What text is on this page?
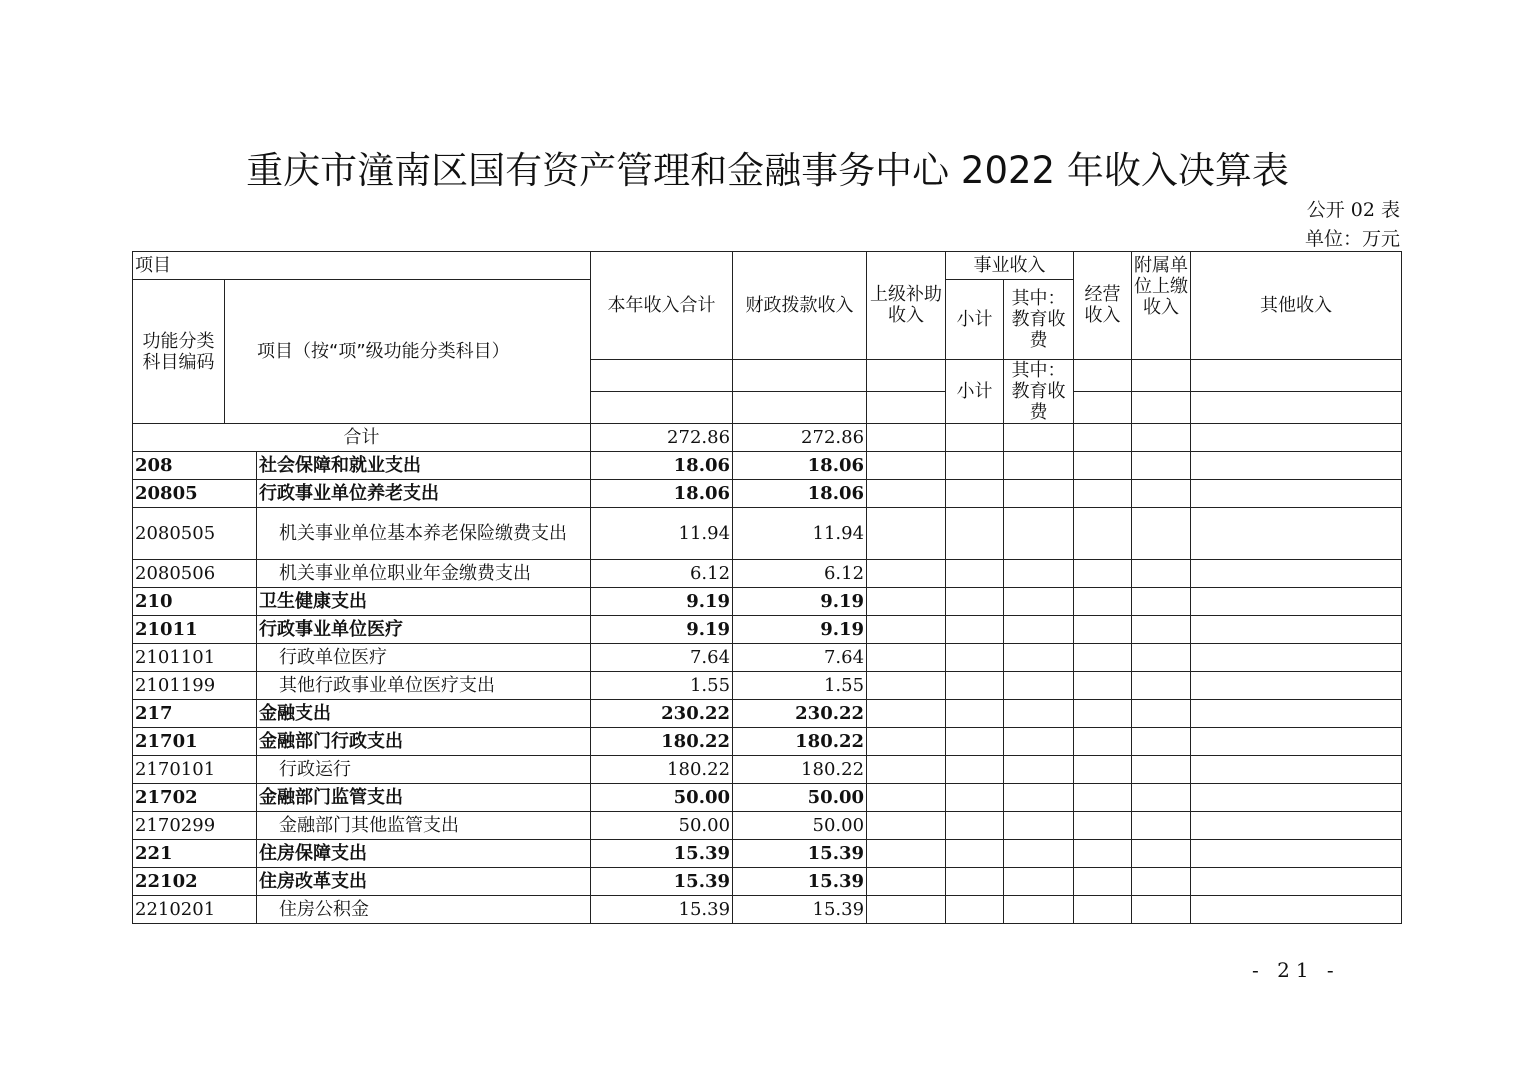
重庆市潼南区国有资产管理和金融事务中心 2022 年收入决算表
公开 02 表
单位：万元
项目			本年收入合计	财政拨款收入	上级补助收入	事业收入		经营收入	附属单位上缴收入	其他收入
功能分类科目编码	项目（按“项”级功能分类科目）					小计	其中：教育收费			

						小计	其中：教育收费			

合计			272.86	272.86						
208		社会保障和就业支出	18.06	18.06						
20805		行政事业单位养老支出	18.06	18.06						
2080505		机关事业单位基本养老保险缴费支出	11.94	11.94						
2080506		机关事业单位职业年金缴费支出	6.12	6.12						
210		卫生健康支出	9.19	9.19						
21011		行政事业单位医疗	9.19	9.19						
2101101		行政单位医疗	7.64	7.64						
2101199		其他行政事业单位医疗支出	1.55	1.55						
217		金融支出	230.22	230.22						
21701		金融部门行政支出	180.22	180.22						
2170101		行政运行	180.22	180.22						
21702		金融部门监管支出	50.00	50.00						
2170299		金融部门其他监管支出	50.00	50.00						
221		住房保障支出	15.39	15.39						
22102		住房改革支出	15.39	15.39						
2210201		住房公积金	15.39	15.39						
- 21 -
